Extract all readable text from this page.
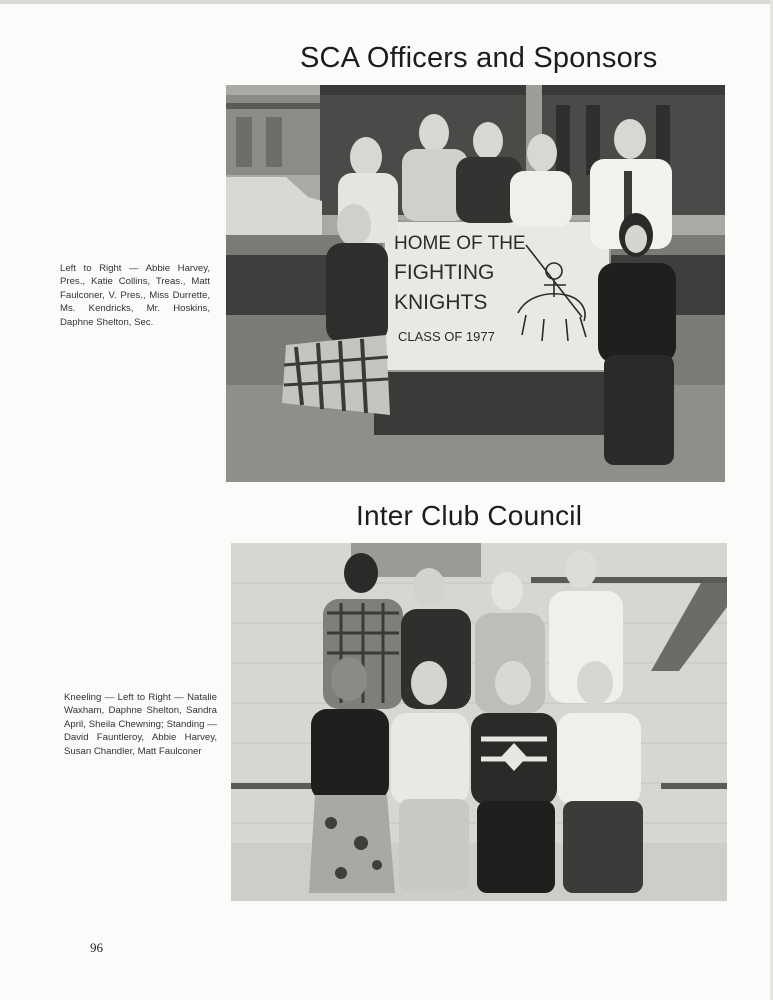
SCA Officers and Sponsors
HOME OF THE
FIGHTING
KNIGHTS
CLASS OF 1977

Left to Right — Abbie Harvey, Pres., Katie Collins, Treas., Matt Faulconer, V. Pres., Miss Durrette, Ms. Kendricks, Mr. Hoskins, Daphne Shelton, Sec.

Inter Club Council

Kneeling — Left to Right — Natalie Waxham, Daphne Shelton, Sandra April, Sheila Chewning; Standing — David Fauntleroy, Abbie Harvey, Susan Chandler, Matt Faulconer

96
